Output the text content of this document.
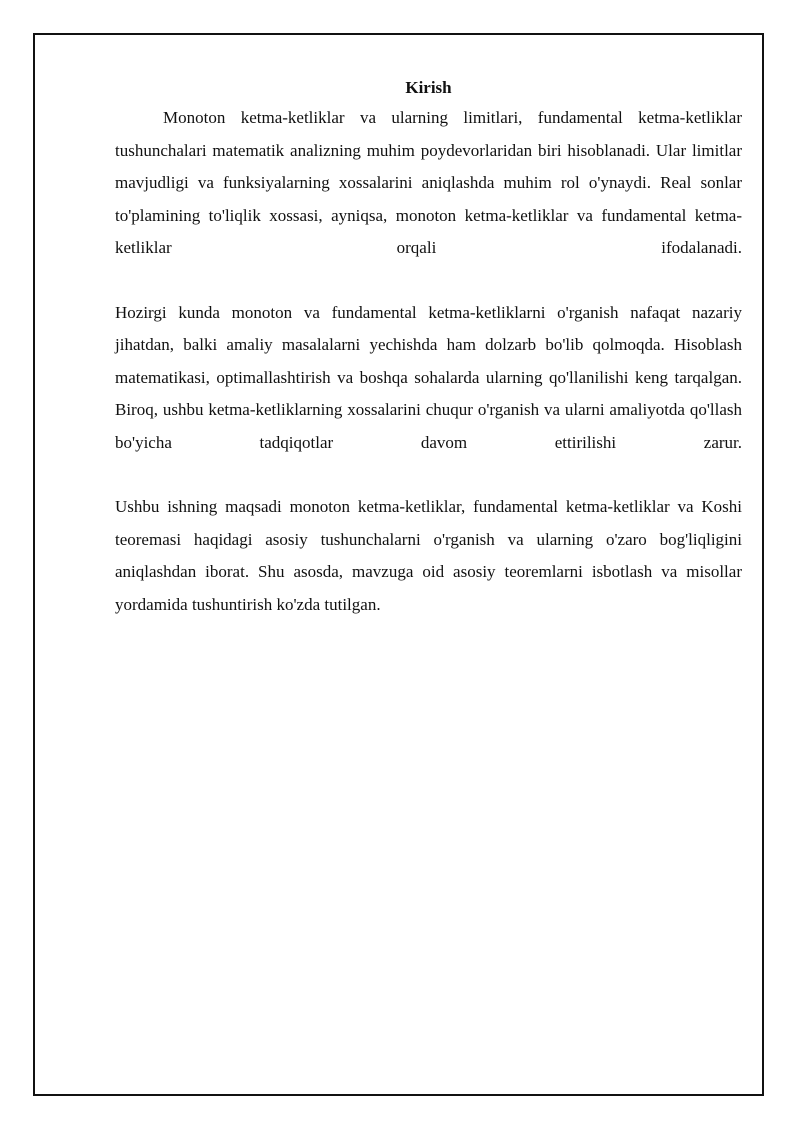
Kirish

Monoton ketma-ketliklar va ularning limitlari, fundamental ketma-ketliklar tushunchalari matematik analizning muhim poydevorlaridan biri hisoblanadi. Ular limitlar mavjudligi va funksiyalarning xossalarini aniqlashda muhim rol o'ynaydi. Real sonlar to'plamining to'liqlik xossasi, ayniqsa, monoton ketma-ketliklar va fundamental ketma-ketliklar orqali ifodalanadi.

Hozirgi kunda monoton va fundamental ketma-ketliklarni o'rganish nafaqat nazariy jihatdan, balki amaliy masalalarni yechishda ham dolzarb bo'lib qolmoqda. Hisoblash matematikasi, optimallashtirish va boshqa sohalarda ularning qo'llanilishi keng tarqalgan. Biroq, ushbu ketma-ketliklarning xossalarini chuqur o'rganish va ularni amaliyotda qo'llash bo'yicha tadqiqotlar davom ettirilishi zarur.

Ushbu ishning maqsadi monoton ketma-ketliklar, fundamental ketma-ketliklar va Koshi teoremasi haqidagi asosiy tushunchalarni o'rganish va ularning o'zaro bog'liqligini aniqlashdan iborat. Shu asosda, mavzuga oid asosiy teoremlarni isbotlash va misollar yordamida tushuntirish ko'zda tutilgan.
